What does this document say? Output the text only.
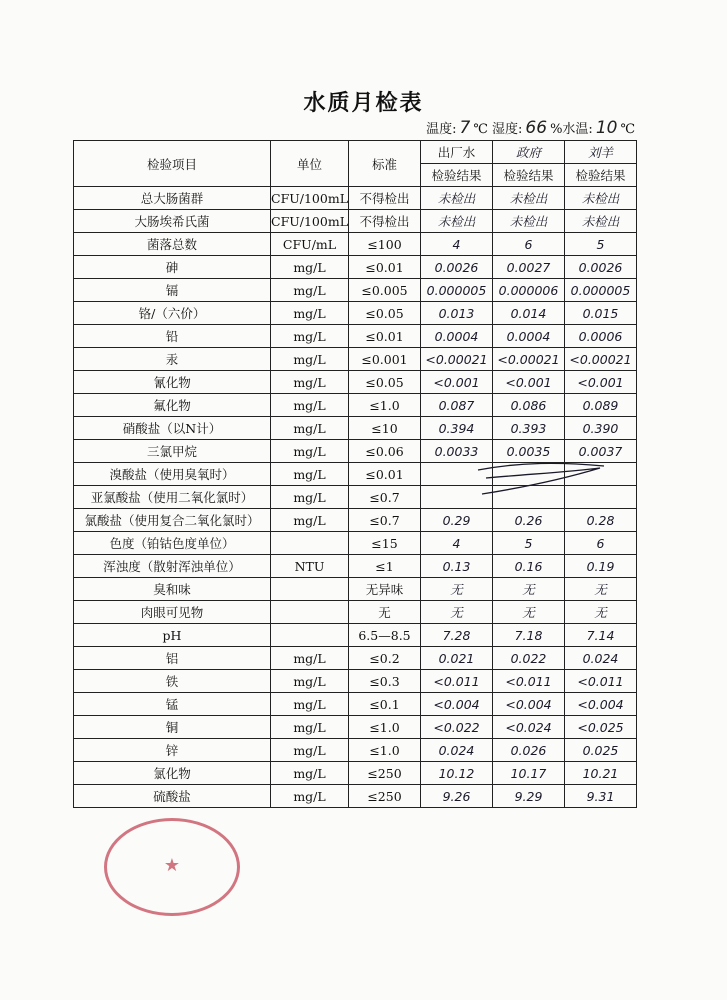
水质月检表
温度: 7 ℃ 湿度: 66 %水温: 10 ℃
检验项目	单位	标准	出厂水	政府	刘羊
			检验结果	检验结果	检验结果
总大肠菌群	CFU/100mL	不得检出	未检出	未检出	未检出
大肠埃希氏菌	CFU/100mL	不得检出	未检出	未检出	未检出
菌落总数	CFU/mL	≤100	4	6	5
砷	mg/L	≤0.01	0.0026	0.0027	0.0026
镉	mg/L	≤0.005	0.000005	0.000006	0.000005
铬/（六价）	mg/L	≤0.05	0.013	0.014	0.015
铅	mg/L	≤0.01	0.0004	0.0004	0.0006
汞	mg/L	≤0.001	<0.00021	<0.00021	<0.00021
氰化物	mg/L	≤0.05	<0.001	<0.001	<0.001
氟化物	mg/L	≤1.0	0.087	0.086	0.089
硝酸盐（以N计）	mg/L	≤10	0.394	0.393	0.390
三氯甲烷	mg/L	≤0.06	0.0033	0.0035	0.0037
溴酸盐（使用臭氧时）	mg/L	≤0.01			
亚氯酸盐（使用二氧化氯时）	mg/L	≤0.7			
氯酸盐（使用复合二氧化氯时）	mg/L	≤0.7	0.29	0.26	0.28
色度（铂钴色度单位）		≤15	4	5	6
浑浊度（散射浑浊单位）	NTU	≤1	0.13	0.16	0.19
臭和味		无异味	无	无	无
肉眼可见物		无	无	无	无
pH		6.5—8.5	7.28	7.18	7.14
铝	mg/L	≤0.2	0.021	0.022	0.024
铁	mg/L	≤0.3	<0.011	<0.011	<0.011
锰	mg/L	≤0.1	<0.004	<0.004	<0.004
铜	mg/L	≤1.0	<0.022	<0.024	<0.025
锌	mg/L	≤1.0	0.024	0.026	0.025
氯化物	mg/L	≤250	10.12	10.17	10.21
硫酸盐	mg/L	≤250	9.26	9.29	9.31
★
